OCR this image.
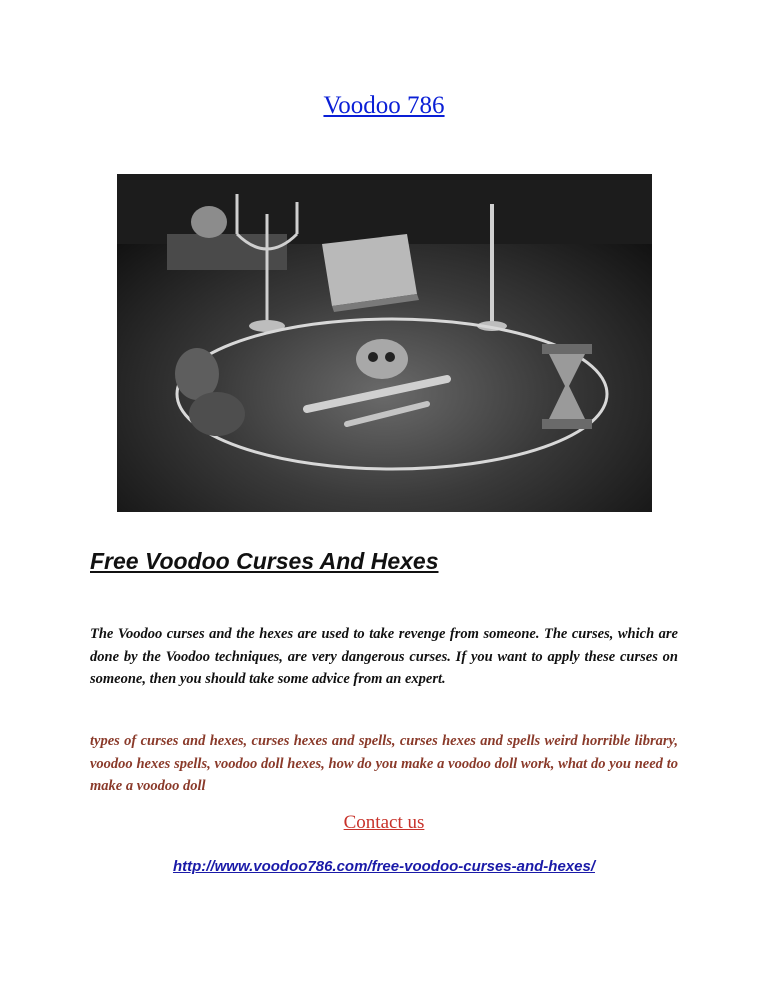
Voodoo 786
Free Voodoo Curses And Hexes
The Voodoo curses and the hexes are used to take revenge from someone. The curses, which are done by the Voodoo techniques, are very dangerous curses. If you want to apply these curses on someone, then you should take some advice from an expert.
types of curses and hexes, curses hexes and spells, curses hexes and spells weird horrible library, voodoo hexes spells, voodoo doll hexes, how do you make a voodoo doll work, what do you need to make a voodoo doll
Contact us
http://www.voodoo786.com/free-voodoo-curses-and-hexes/
